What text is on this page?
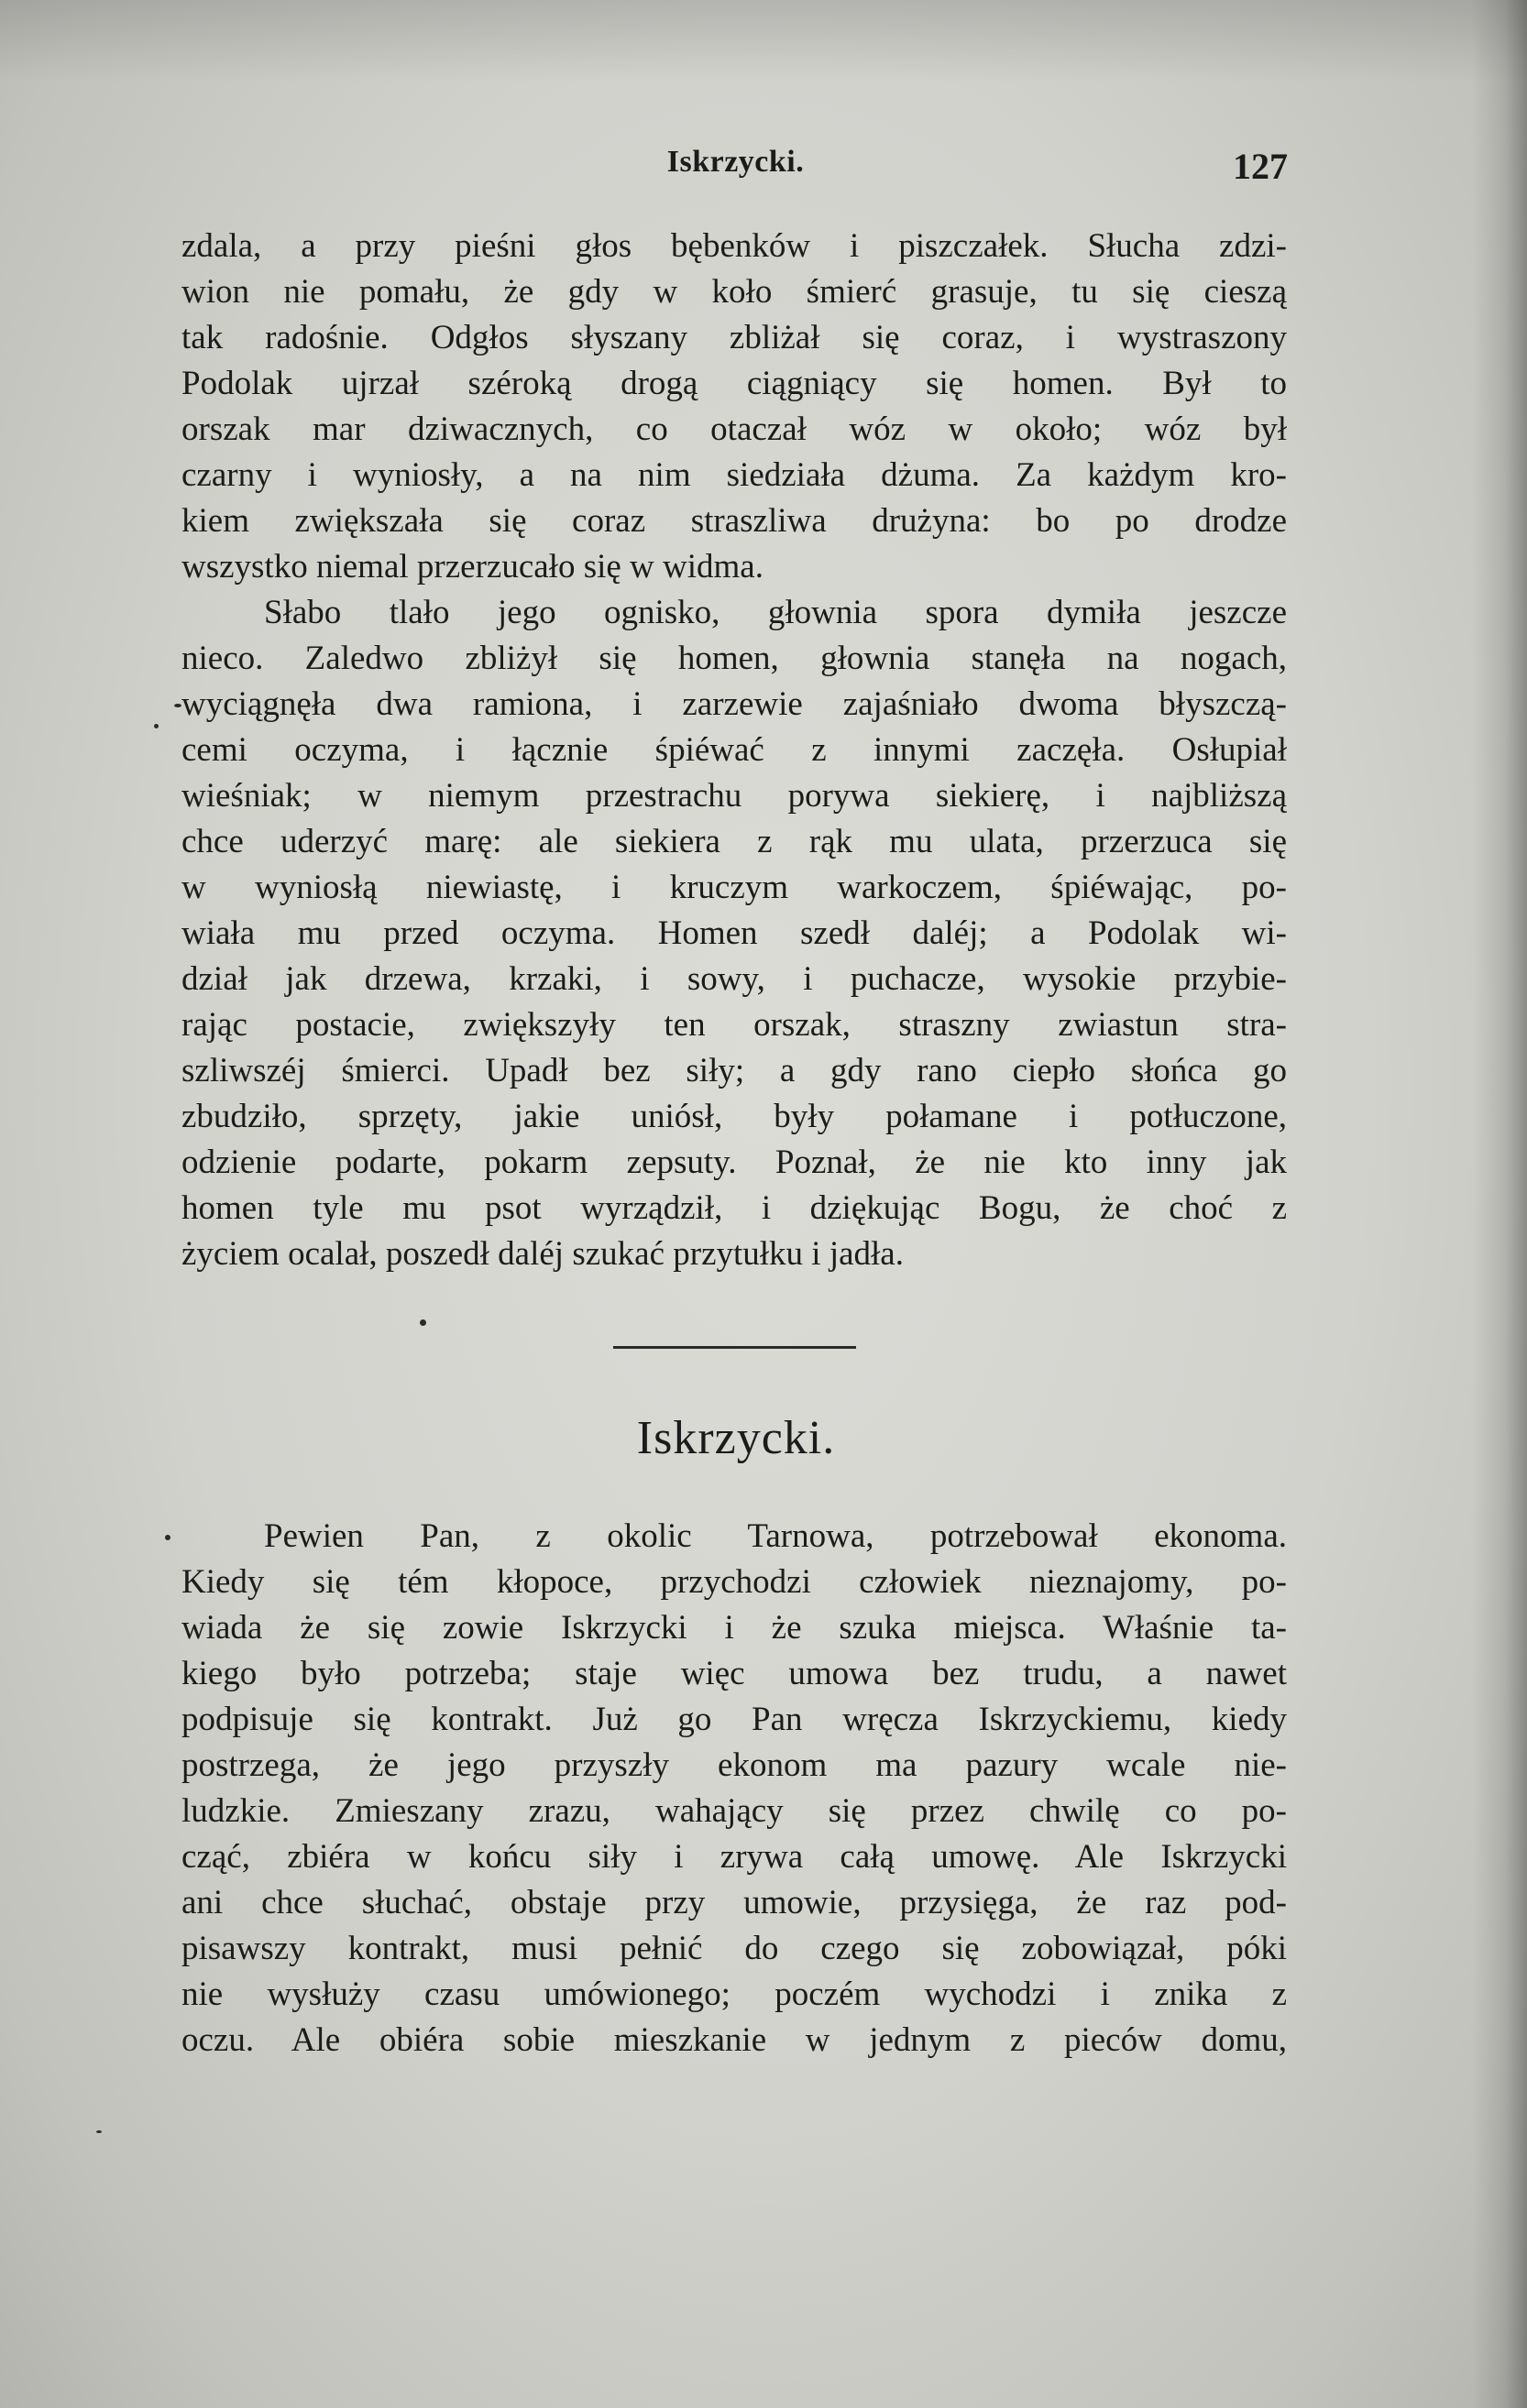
Iskrzycki.	127
zdala, a przy pieśni głos bębenków i piszczałek. Słucha zdzi-
wion nie pomału, że gdy w koło śmierć grasuje, tu się cieszą
tak radośnie. Odgłos słyszany zbliżał się coraz, i wystraszony
Podolak ujrzał széroką drogą ciągniący się homen. Był to
orszak mar dziwacznych, co otaczał wóz w około; wóz był
czarny i wyniosły, a na nim siedziała dżuma. Za każdym kro-
kiem zwiększała się coraz straszliwa drużyna: bo po drodze
wszystko niemal przerzucało się w widma.
Słabo tlało jego ognisko, głownia spora dymiła jeszcze
nieco. Zaledwo zbliżył się homen, głownia stanęła na nogach,
wyciągnęła dwa ramiona, i zarzewie zajaśniało dwoma błyszczą-
cemi oczyma, i łącznie śpiéwać z innymi zaczęła. Osłupiał
wieśniak; w niemym przestrachu porywa siekierę, i najbliższą
chce uderzyć marę: ale siekiera z rąk mu ulata, przerzuca się
w wyniosłą niewiastę, i kruczym warkoczem, śpiéwając, po-
wiała mu przed oczyma. Homen szedł daléj; a Podolak wi-
dział jak drzewa, krzaki, i sowy, i puchacze, wysokie przybie-
rając postacie, zwiększyły ten orszak, straszny zwiastun stra-
szliwszéj śmierci. Upadł bez siły; a gdy rano ciepło słońca go
zbudziło, sprzęty, jakie uniósł, były połamane i potłuczone,
odzienie podarte, pokarm zepsuty. Poznał, że nie kto inny jak
homen tyle mu psot wyrządził, i dziękując Bogu, że choć z
życiem ocalał, poszedł daléj szukać przytułku i jadła.
Iskrzycki.
Pewien Pan, z okolic Tarnowa, potrzebował ekonoma.
Kiedy się tém kłopoce, przychodzi człowiek nieznajomy, po-
wiada że się zowie Iskrzycki i że szuka miejsca. Właśnie ta-
kiego było potrzeba; staje więc umowa bez trudu, a nawet
podpisuje się kontrakt. Już go Pan wręcza Iskrzyckiemu, kiedy
postrzega, że jego przyszły ekonom ma pazury wcale nie-
ludzkie. Zmieszany zrazu, wahający się przez chwilę co po-
cząć, zbiéra w końcu siły i zrywa całą umowę. Ale Iskrzycki
ani chce słuchać, obstaje przy umowie, przysięga, że raz pod-
pisawszy kontrakt, musi pełnić do czego się zobowiązał, póki
nie wysłuży czasu umówionego; poczém wychodzi i znika z
oczu. Ale obiéra sobie mieszkanie w jednym z pieców domu,
